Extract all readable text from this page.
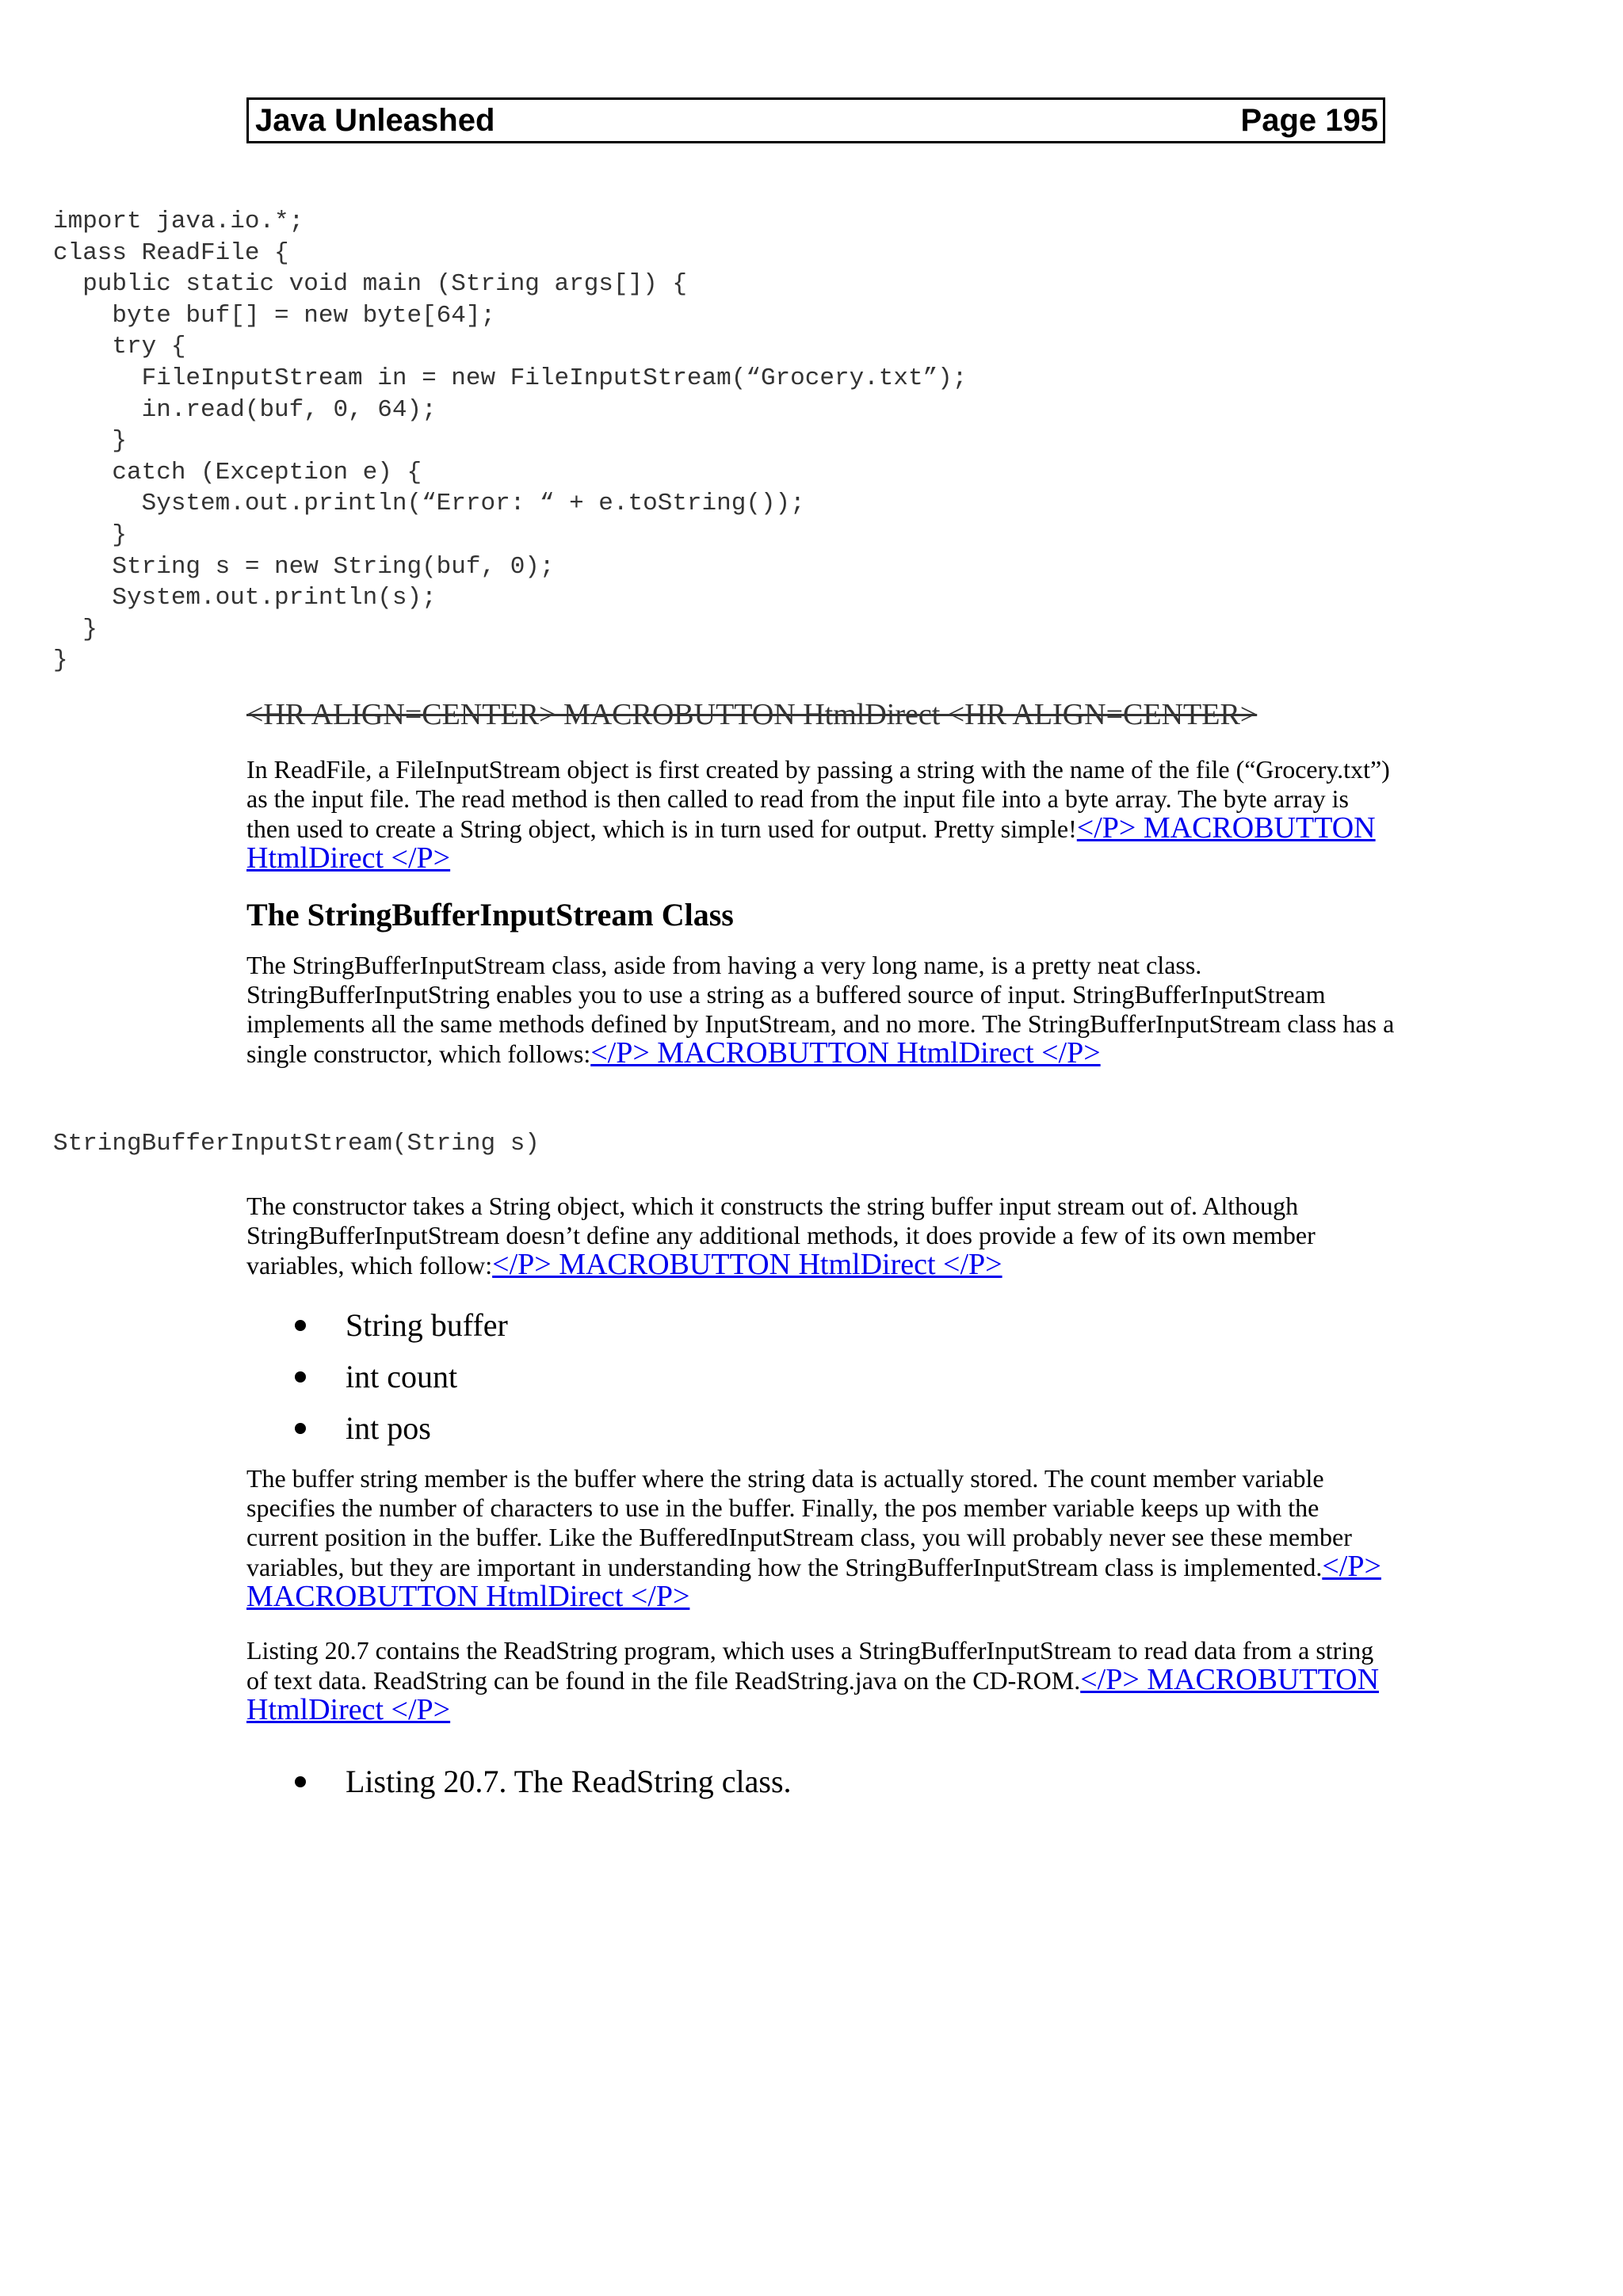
Java Unleashed	Page 195
import java.io.*;
class ReadFile {
public static void main (String args[]) {
byte buf[] = new byte[64];
try {
FileInputStream in = new FileInputStream(“Grocery.txt”);
in.read(buf, 0, 64);
}
catch (Exception e) {
System.out.println(“Error: “ + e.toString());
}
String s = new String(buf, 0);
System.out.println(s);
}
}
<HR ALIGN=CENTER> MACROBUTTON HtmlDirect <HR ALIGN=CENTER>

In ReadFile, a FileInputStream object is first created by passing a string with the name of the file (“Grocery.txt”) as the input file. The read method is then called to read from the input file into a byte array. The byte array is then used to create a String object, which is in turn used for output. Pretty simple!</P> MACROBUTTON HtmlDirect </P>

The StringBufferInputStream Class

The StringBufferInputStream class, aside from having a very long name, is a pretty neat class. StringBufferInputString enables you to use a string as a buffered source of input. StringBufferInputStream implements all the same methods defined by InputStream, and no more. The StringBufferInputStream class has a single constructor, which follows:</P> MACROBUTTON HtmlDirect </P>

StringBufferInputStream(String s)

The constructor takes a String object, which it constructs the string buffer input stream out of. Although StringBufferInputStream doesn’t define any additional methods, it does provide a few of its own member variables, which follow:</P> MACROBUTTON HtmlDirect </P>

String buffer
int count
int pos

The buffer string member is the buffer where the string data is actually stored. The count member variable specifies the number of characters to use in the buffer. Finally, the pos member variable keeps up with the current position in the buffer. Like the BufferedInputStream class, you will probably never see these member variables, but they are important in understanding how the StringBufferInputStream class is implemented.</P> MACROBUTTON HtmlDirect </P>

Listing 20.7 contains the ReadString program, which uses a StringBufferInputStream to read data from a string of text data. ReadString can be found in the file ReadString.java on the CD-ROM.</P> MACROBUTTON HtmlDirect </P>

Listing 20.7. The ReadString class.
